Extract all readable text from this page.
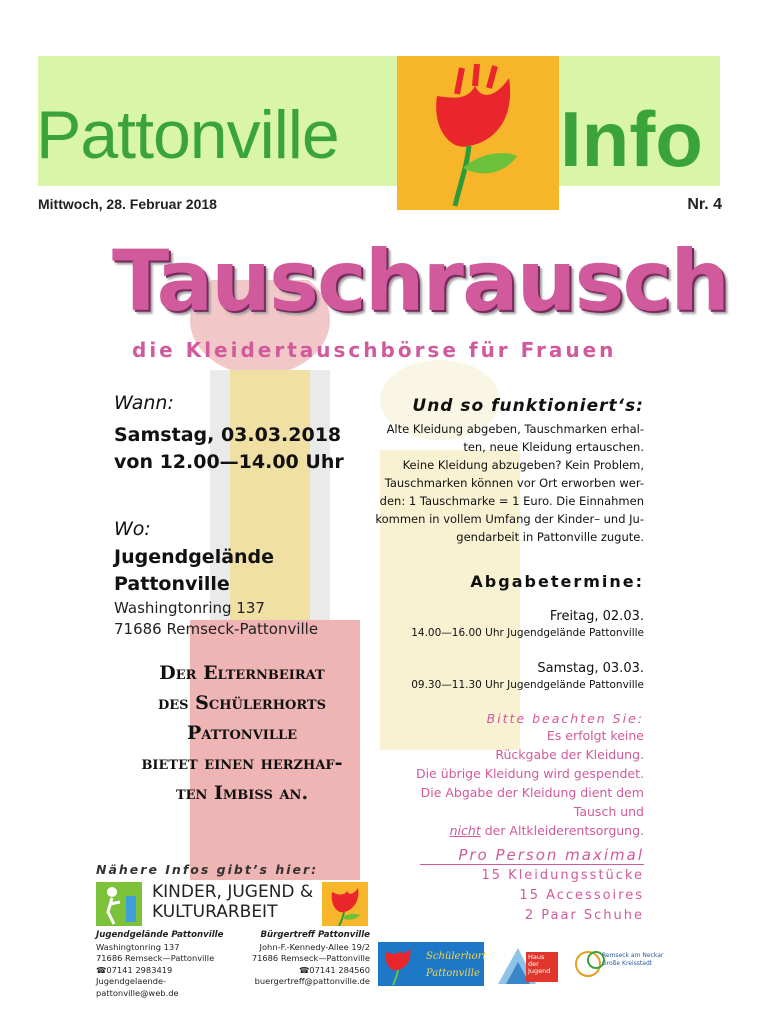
Pattonville	Info
Mittwoch, 28. Februar 2018	Nr. 4
Tauschrausch
die Kleidertauschbörse für Frauen
Wann:
Samstag, 03.03.2018
von 12.00—14.00 Uhr
Wo:
Jugendgelände
Pattonville
Washingtonring 137
71686 Remseck-Pattonville
Der Elternbeirat
des Schülerhorts
Pattonville
bietet einen herzhaf-
ten Imbiss an.
Und so funktioniert‘s:
Alte Kleidung abgeben, Tauschmarken erhal-
ten, neue Kleidung ertauschen.
Keine Kleidung abzugeben? Kein Problem,
Tauschmarken können vor Ort erworben wer-
den: 1 Tauschmarke = 1 Euro. Die Einnahmen
kommen in vollem Umfang der Kinder– und Ju-
gendarbeit in Pattonville zugute.
Abgabetermine:
Freitag, 02.03.
14.00—16.00 Uhr Jugendgelände Pattonville
Samstag, 03.03.
09.30—11.30 Uhr Jugendgelände Pattonville
Bitte beachten Sie:
Es erfolgt keine
Rückgabe der Kleidung.
Die übrige Kleidung wird gespendet.
Die Abgabe der Kleidung dient dem
Tausch und
nicht der Altkleiderentsorgung.
Pro Person maximal
15 Kleidungsstücke
15 Accessoires
2 Paar Schuhe
Nähere Infos gibt’s hier:
KINDER, JUGEND &
KULTURARBEIT
Jugendgelände Pattonville
Washingtonring 137
71686 Remseck—Pattonville
☎07141 2983419
Jugendgelaende-pattonville@web.de
Bürgertreff Pattonville
John-F.-Kennedy-Allee 19/2
71686 Remseck—Pattonville
☎07141 284560
buergertreff@pattonville.de
Schülerhort
Pattonville
Haus
der
Jugend
Remseck am Neckar
Große Kreisstadt
